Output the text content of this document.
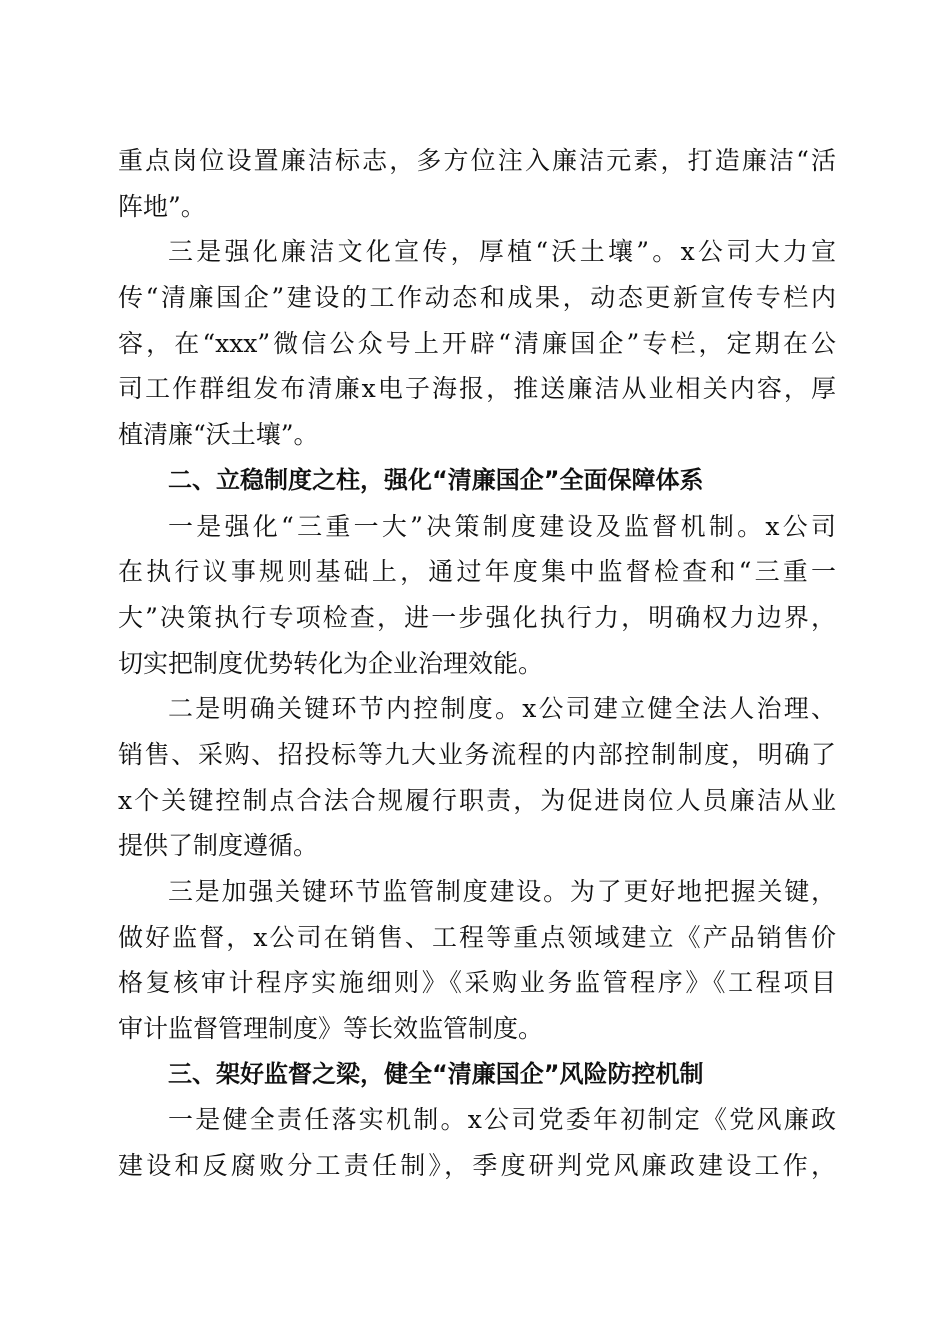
重点岗位设置廉洁标志，多方位注入廉洁元素，打造廉洁“活
阵地”。
三是强化廉洁文化宣传，厚植“沃土壤”。x公司大力宣
传“清廉国企”建设的工作动态和成果，动态更新宣传专栏内
容，在“xxx”微信公众号上开辟“清廉国企”专栏，定期在公
司工作群组发布清廉x电子海报，推送廉洁从业相关内容，厚
植清廉“沃土壤”。
二、立稳制度之柱，强化“清廉国企”全面保障体系
一是强化“三重一大”决策制度建设及监督机制。x公司
在执行议事规则基础上，通过年度集中监督检查和“三重一
大”决策执行专项检查，进一步强化执行力，明确权力边界，
切实把制度优势转化为企业治理效能。
二是明确关键环节内控制度。x公司建立健全法人治理、
销售、采购、招投标等九大业务流程的内部控制制度，明确了
x个关键控制点合法合规履行职责，为促进岗位人员廉洁从业
提供了制度遵循。
三是加强关键环节监管制度建设。为了更好地把握关键，
做好监督，x公司在销售、工程等重点领域建立《产品销售价
格复核审计程序实施细则》《采购业务监管程序》《工程项目
审计监督管理制度》等长效监管制度。
三、架好监督之梁，健全“清廉国企”风险防控机制
一是健全责任落实机制。x公司党委年初制定《党风廉政
建设和反腐败分工责任制》，季度研判党风廉政建设工作，
